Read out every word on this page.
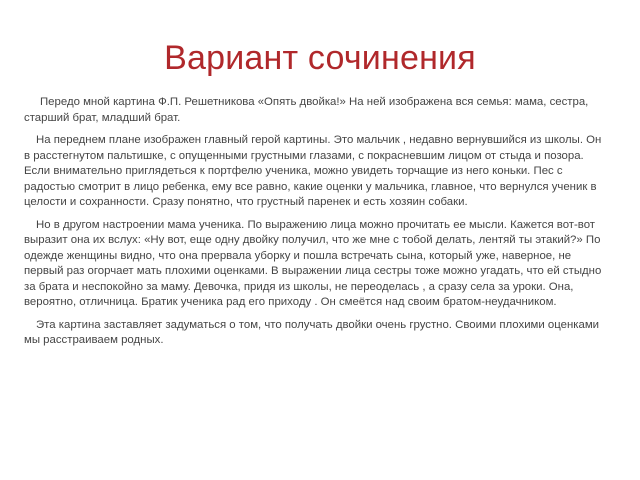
Вариант сочинения

Передо мной картина Ф.П. Решетникова «Опять двойка!» На ней изображена вся семья: мама, сестра, старший брат, младший брат.

На переднем плане изображен главный герой картины. Это мальчик , недавно вернувшийся из школы. Он в расстегнутом пальтишке, с опущенными грустными глазами, с покрасневшим лицом от стыда и позора. Если внимательно приглядеться к портфелю ученика, можно увидеть торчащие из него коньки. Пес с радостью смотрит в лицо ребенка, ему все равно, какие оценки у мальчика, главное, что вернулся ученик в целости и сохранности. Сразу понятно, что грустный паренек и есть хозяин собаки.

Но в другом настроении мама ученика. По выражению лица можно прочитать ее мысли. Кажется вот-вот выразит она их вслух: «Ну вот, еще одну двойку получил, что же мне с тобой делать, лентяй ты этакий?» По одежде женщины видно, что она прервала уборку и пошла встречать сына, который уже, наверное, не первый раз огорчает мать плохими оценками. В выражении лица сестры тоже можно угадать, что ей стыдно за брата и неспокойно за маму. Девочка, придя из школы, не переоделась , а сразу села за уроки. Она, вероятно, отличница. Братик ученика рад его приходу . Он смеётся над своим братом-неудачником.

Эта картина заставляет задуматься о том, что получать двойки очень грустно. Своими плохими оценками мы расстраиваем родных.
